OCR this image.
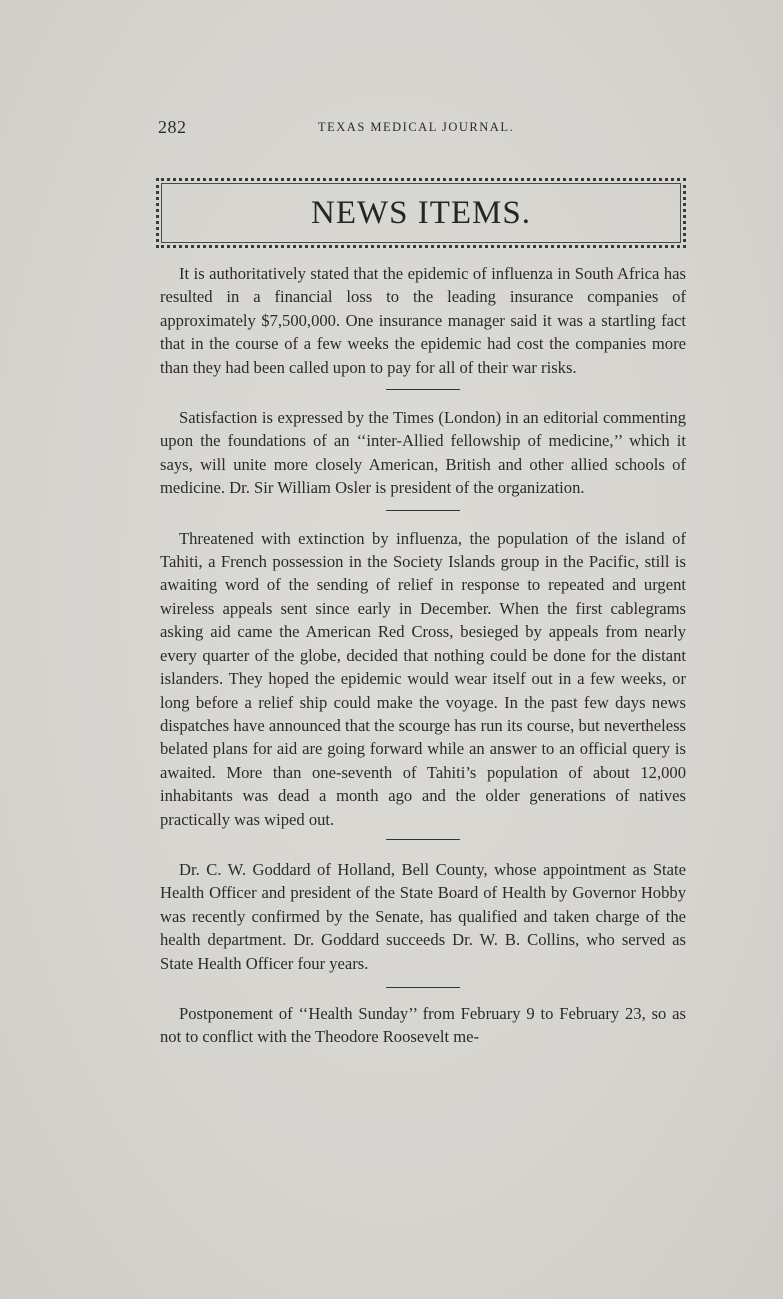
282	TEXAS MEDICAL JOURNAL.
NEWS ITEMS.

It is authoritatively stated that the epidemic of influenza in South Africa has resulted in a financial loss to the leading insurance companies of approximately $7,500,000. One insurance manager said it was a startling fact that in the course of a few weeks the epidemic had cost the companies more than they had been called upon to pay for all of their war risks.

Satisfaction is expressed by the Times (London) in an editorial commenting upon the foundations of an ‘‘inter-Allied fellowship of medicine,’’ which it says, will unite more closely American, British and other allied schools of medicine. Dr. Sir William Osler is president of the organization.

Threatened with extinction by influenza, the population of the island of Tahiti, a French possession in the Society Islands group in the Pacific, still is awaiting word of the sending of relief in response to repeated and urgent wireless appeals sent since early in December. When the first cablegrams asking aid came the American Red Cross, besieged by appeals from nearly every quarter of the globe, decided that nothing could be done for the distant islanders. They hoped the epidemic would wear itself out in a few weeks, or long before a relief ship could make the voyage. In the past few days news dispatches have announced that the scourge has run its course, but nevertheless belated plans for aid are going forward while an answer to an official query is awaited. More than one-seventh of Tahiti’s population of about 12,000 inhabitants was dead a month ago and the older generations of natives practically was wiped out.

Dr. C. W. Goddard of Holland, Bell County, whose appointment as State Health Officer and president of the State Board of Health by Governor Hobby was recently confirmed by the Senate, has qualified and taken charge of the health department. Dr. Goddard succeeds Dr. W. B. Collins, who served as State Health Officer four years.

Postponement of ‘‘Health Sunday’’ from February 9 to February 23, so as not to conflict with the Theodore Roosevelt me-
